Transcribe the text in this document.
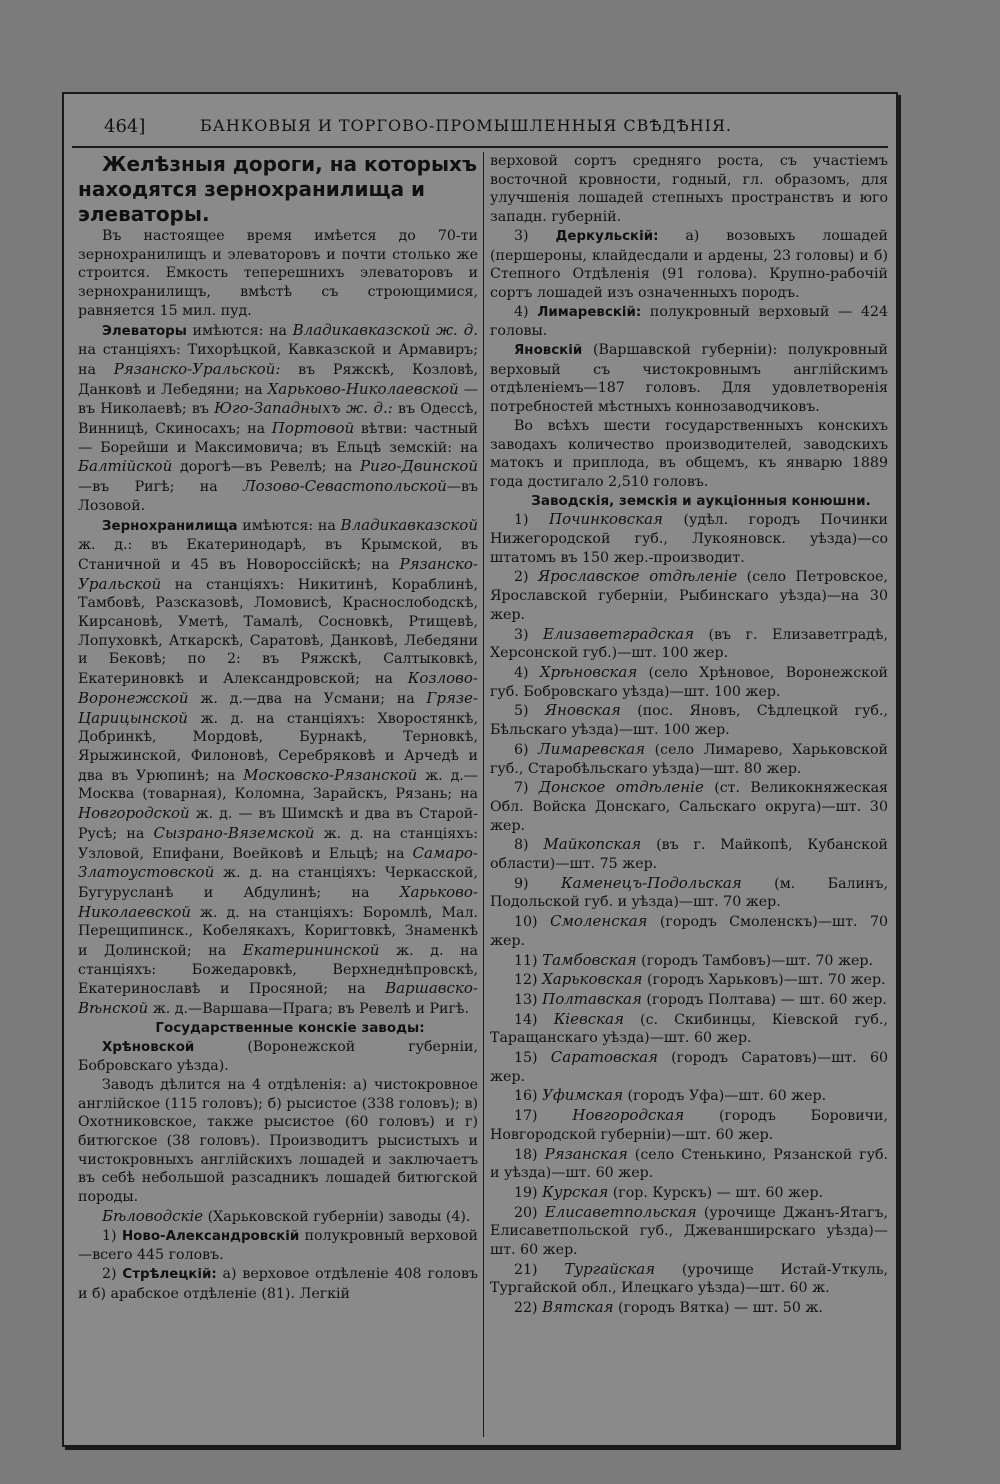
464]	БАНКОВЫЯ И ТОРГОВО-ПРОМЫШЛЕННЫЯ СВѢДѢНIЯ.

Желѣзныя дороги, на которыхъ находятся зернохранилища и элеваторы.

Въ настоящее время имѣется до 70-ти зернохранилищъ и элеваторовъ и почти столько же строится. Емкость теперешнихъ элеваторовъ и зернохранилищъ, вмѣстѣ съ строющимися, равняется 15 мил. пуд.

Элеваторы имѣются: на Владикавказской ж. д. на станцiяхъ: Тихорѣцкой, Кавказской и Армавиръ; на Рязанско-Уральской: въ Ряжскѣ, Козловѣ, Данковѣ и Лебедяни; на Харьково-Николаевской — въ Николаевѣ; въ Юго-Западныхъ ж. д.: въ Одессѣ, Винницѣ, Скиносахъ; на Портовой вѣтви: частный — Борейши и Максимовича; въ Ельцѣ земскiй: на Балтiйской дорогѣ—въ Ревелѣ; на Риго-Двинской—въ Ригѣ; на Лозово-Севастопольской—въ Лозовой.

Зернохранилища имѣются: на Владикавказской ж. д.: въ Екатеринодарѣ, въ Крымской, въ Станичной и 45 въ Новороссiйскѣ; на Рязанско-Уральской на станцiяхъ: Никитинѣ, Кораблинѣ, Тамбовѣ, Разсказовѣ, Ломовисѣ, Краснослободскѣ, Кирсановѣ, Уметѣ, Тамалѣ, Сосновкѣ, Ртищевѣ, Лопуховкѣ, Аткарскѣ, Саратовѣ, Данковѣ, Лебедяни и Бековѣ; по 2: въ Ряжскѣ, Салтыковкѣ, Екатериновкѣ и Александровской; на Козлово-Воронежской ж. д.—два на Усмани; на Грязе-Царицынской ж. д. на станцiяхъ: Хворостянкѣ, Добринкѣ, Мордовѣ, Бурнакѣ, Терновкѣ, Ярыжинской, Филоновѣ, Серебряковѣ и Арчедѣ и два въ Урюпинѣ; на Московско-Рязанской ж. д.—Москва (товарная), Коломна, Зарайскъ, Рязань; на Новгородской ж. д. — въ Шимскѣ и два въ Старой-Русѣ; на Сызрано-Вяземской ж. д. на станцiяхъ: Узловой, Епифани, Воейковѣ и Ельцѣ; на Самаро-Златоустовской ж. д. на станцiяхъ: Черкасской, Бугурусланѣ и Абдулинѣ; на Харьково-Николаевской ж. д. на станцiяхъ: Боромлѣ, Мал. Перещипинск., Кобелякахъ, Коригтовкѣ, Знаменкѣ и Долинской; на Екатерининской ж. д. на станцiяхъ: Божедаровкѣ, Верхнеднѣпровскѣ, Екатеринославѣ и Просяной; на Варшавско-Вѣнской ж. д.—Варшава—Прага; въ Ревелѣ и Ригѣ.

Государственные конскiе заводы:

Хрѣновской (Воронежской губернiи, Бобровскаго уѣзда).

Заводъ дѣлится на 4 отдѣленiя: а) чистокровное англiйское (115 головъ); б) рысистое (338 головъ); в) Охотниковское, также рысистое (60 головъ) и г) битюгское (38 головъ). Производитъ рысистыхъ и чистокровныхъ англiйскихъ лошадей и заключаетъ въ себѣ небольшой разсадникъ лошадей битюгской породы.

Бѣловодскiе (Харьковской губернiи) заводы (4).

1) Ново-Александровскiй полукровный верховой—всего 445 головъ.

2) Стрѣлецкiй: а) верховое отдѣленiе 408 головъ и б) арабское отдѣленiе (81). Легкiй

верховой сортъ средняго роста, съ участiемъ восточной кровности, годный, гл. образомъ, для улучшенiя лошадей степныхъ пространствъ и юго западн. губернiй.

3) Деркульскiй: а) возовыхъ лошадей (першероны, клайдесдали и ардены, 23 головы) и б) Степного Отдѣленiя (91 голова). Крупно-рабочiй сортъ лошадей изъ означенныхъ породъ.

4) Лимаревскiй: полукровный верховый — 424 головы.

Яновскiй (Варшавской губернiи): полукровный верховый съ чистокровнымъ англiйскимъ отдѣленiемъ—187 головъ. Для удовлетворенiя потребностей мѣстныхъ коннозаводчиковъ.

Во всѣхъ шести государственныхъ конскихъ заводахъ количество производителей, заводскихъ матокъ и приплода, въ общемъ, къ январю 1889 года достигало 2,510 головъ.

Заводскiя, земскiя и аукцiонныя конюшни.

1) Починковская (удѣл. городъ Починки Нижегородской губ., Лукояновск. уѣзда)—со штатомъ въ 150 жер.-производит.

2) Ярославское отдѣленiе (село Петровское, Ярославской губернiи, Рыбинскаго уѣзда)—на 30 жер.

3) Елизаветградская (въ г. Елизаветградѣ, Херсонской губ.)—шт. 100 жер.

4) Хрѣновская (село Хрѣновое, Воронежской губ. Бобровскаго уѣзда)—шт. 100 жер.

5) Яновская (пос. Яновъ, Сѣдлецкой губ., Бѣльскаго уѣзда)—шт. 100 жер.

6) Лимаревская (село Лимарево, Харьковской губ., Старобѣльскаго уѣзда)—шт. 80 жер.

7) Донское отдѣленiе (ст. Великокняжеская Обл. Войска Донскаго, Сальскаго округа)—шт. 30 жер.

8) Майкопская (въ г. Майкопѣ, Кубанской области)—шт. 75 жер.

9) Каменецъ-Подольская (м. Балинъ, Подольской губ. и уѣзда)—шт. 70 жер.

10) Смоленская (городъ Смоленскъ)—шт. 70 жер.

11) Тамбовская (городъ Тамбовъ)—шт. 70 жер.

12) Харьковская (городъ Харьковъ)—шт. 70 жер.

13) Полтавская (городъ Полтава) — шт. 60 жер.

14) Кiевская (с. Скибинцы, Кiевской губ., Таращанскаго уѣзда)—шт. 60 жер.

15) Саратовская (городъ Саратовъ)—шт. 60 жер.

16) Уфимская (городъ Уфа)—шт. 60 жер.

17) Новгородская (городъ Боровичи, Новгородской губернiи)—шт. 60 жер.

18) Рязанская (село Стенькино, Рязанской губ. и уѣзда)—шт. 60 жер.

19) Курская (гор. Курскъ) — шт. 60 жер.

20) Елисаветпольская (урочище Джанъ-Ятагъ, Елисаветпольской губ., Джеванширскаго уѣзда)—шт. 60 жер.

21) Тургайская (урочище Истай-Уткуль, Тургайской обл., Илецкаго уѣзда)—шт. 60 ж.

22) Вятская (городъ Вятка) — шт. 50 ж.
